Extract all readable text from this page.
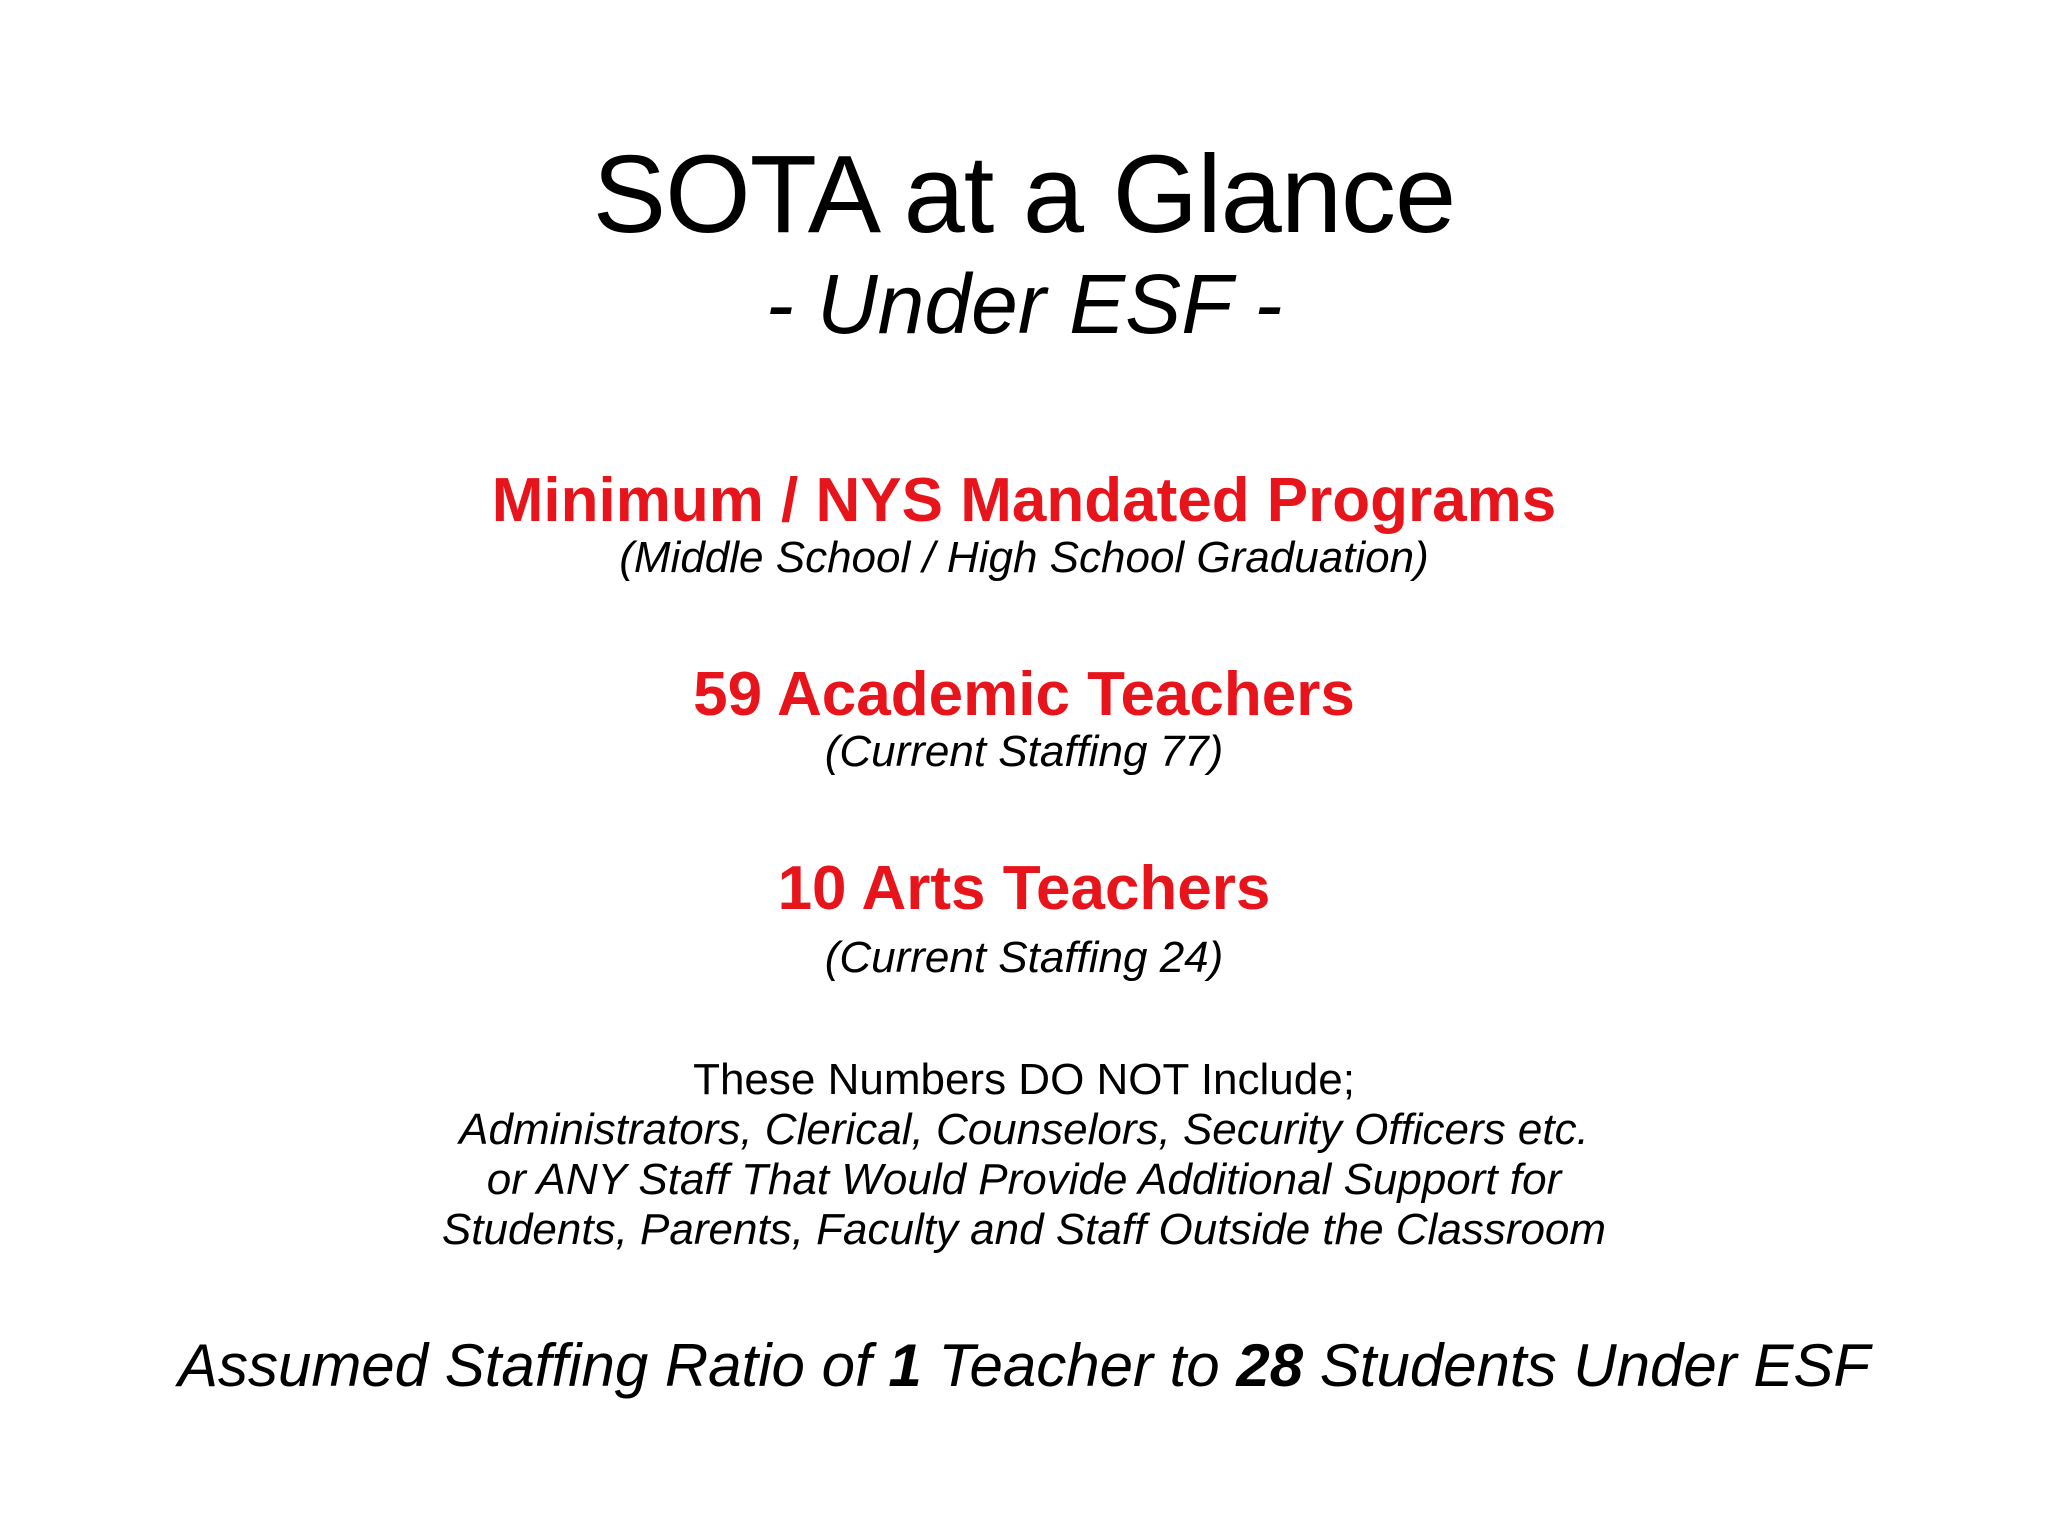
SOTA at a Glance
- Under ESF -
Minimum / NYS Mandated Programs
(Middle School / High School Graduation)
59 Academic Teachers
(Current Staffing 77)
10 Arts Teachers
(Current Staffing 24)
These Numbers DO NOT Include;
Administrators, Clerical, Counselors, Security Officers etc.
or ANY Staff That Would Provide Additional Support for
Students, Parents, Faculty and Staff Outside the Classroom
Assumed Staffing Ratio of 1 Teacher to 28 Students Under ESF
